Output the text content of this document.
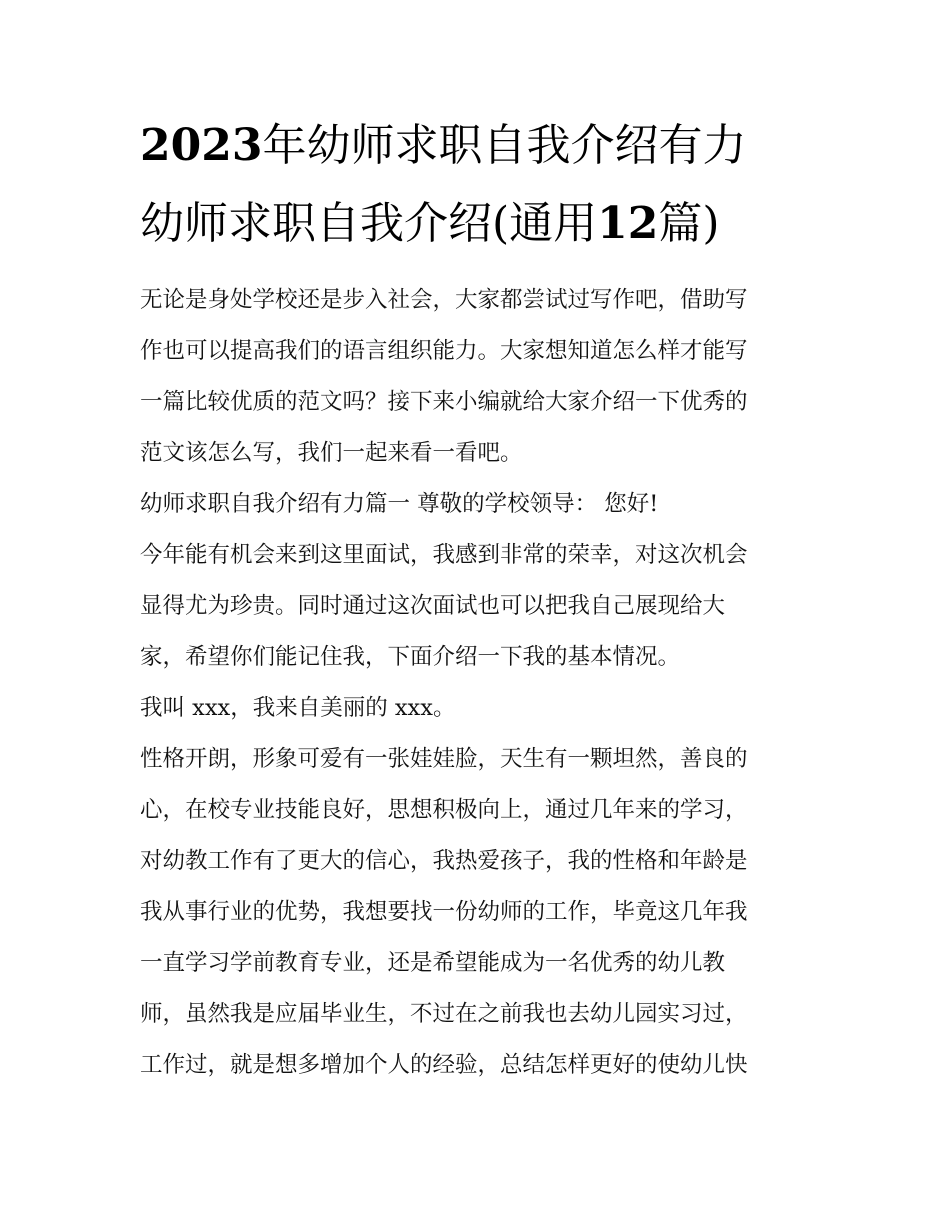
2023年幼师求职自我介绍有力
幼师求职自我介绍(通用12篇)
无论是身处学校还是步入社会，大家都尝试过写作吧，借助写
作也可以提高我们的语言组织能力。大家想知道怎么样才能写
一篇比较优质的范文吗？接下来小编就给大家介绍一下优秀的
范文该怎么写，我们一起来看一看吧。
幼师求职自我介绍有力篇一 尊敬的学校领导： 您好!
今年能有机会来到这里面试，我感到非常的荣幸，对这次机会
显得尤为珍贵。同时通过这次面试也可以把我自己展现给大
家，希望你们能记住我，下面介绍一下我的基本情况。
我叫 xxx，我来自美丽的 xxx。
性格开朗，形象可爱有一张娃娃脸，天生有一颗坦然，善良的
心，在校专业技能良好，思想积极向上，通过几年来的学习，
对幼教工作有了更大的信心，我热爱孩子，我的性格和年龄是
我从事行业的优势，我想要找一份幼师的工作，毕竟这几年我
一直学习学前教育专业，还是希望能成为一名优秀的幼儿教
师，虽然我是应届毕业生，不过在之前我也去幼儿园实习过，
工作过，就是想多增加个人的经验，总结怎样更好的使幼儿快
